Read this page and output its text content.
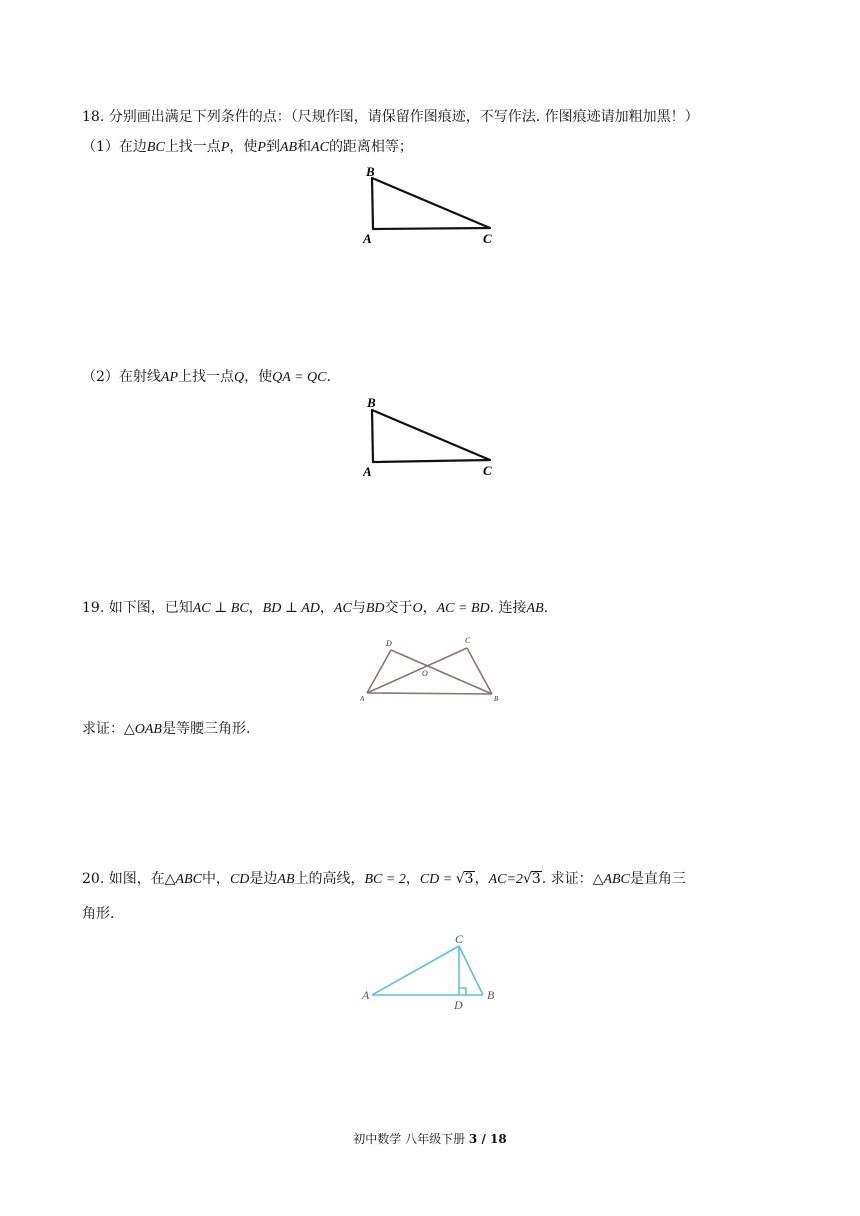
18. 分别画出满足下列条件的点：（尺规作图，请保留作图痕迹，不写作法. 作图痕迹请加粗加黑！）
（1）在边BC上找一点P，使P到AB和AC的距离相等；
B
A	C
（2）在射线AP上找一点Q，使QA = QC.
B
A	C
19. 如下图，已知AC ⊥ BC，BD ⊥ AD，AC与BD交于O，AC = BD. 连接AB.
D	C
O
A	B
求证：△OAB是等腰三角形.
20. 如图，在△ABC中，CD是边AB上的高线，BC = 2，CD = √3，AC=2√3. 求证：△ABC是直角三
角形.
C
A	B
D
初中数学 八年级下册 3 / 18
